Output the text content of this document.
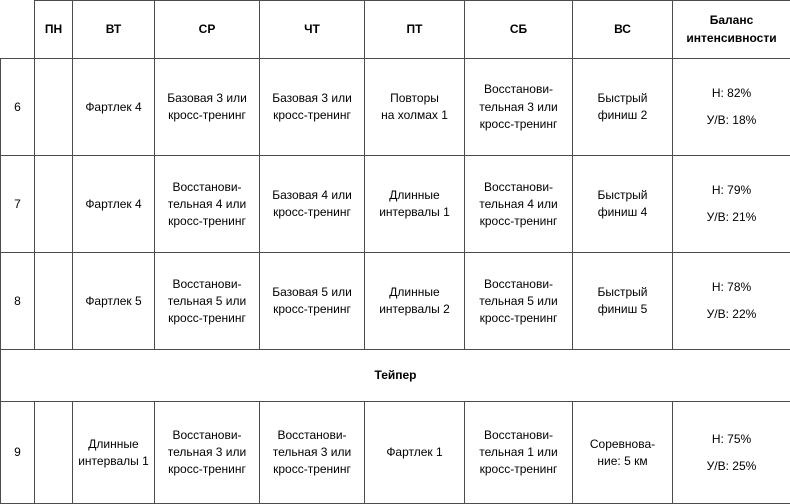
	ПН	ВТ	СР	ЧТ	ПТ	СБ	ВС	Баланс
интенсивности

6		Фартлек 4	Базовая 3 или
кросс-тренинг	Базовая 3 или
кросс-тренинг	Повторы
на холмах 1	Восстанови-
тельная 3 или
кросс-тренинг	Быстрый
финиш 2	Н: 82%
У/В: 18%

7		Фартлек 4	Восстанови-
тельная 4 или
кросс-тренинг	Базовая 4 или
кросс-тренинг	Длинные
интервалы 1	Восстанови-
тельная 4 или
кросс-тренинг	Быстрый
финиш 4	Н: 79%
У/В: 21%

8		Фартлек 5	Восстанови-
тельная 5 или
кросс-тренинг	Базовая 5 или
кросс-тренинг	Длинные
интервалы 2	Восстанови-
тельная 5 или
кросс-тренинг	Быстрый
финиш 5	Н: 78%
У/В: 22%

Тейпер								
9		Длинные
интервалы 1	Восстанови-
тельная 3 или
кросс-тренинг	Восстанови-
тельная 3 или
кросс-тренинг	Фартлек 1	Восстанови-
тельная 1 или
кросс-тренинг	Соревнова-
ние: 5 км	Н: 75%
У/В: 25%
